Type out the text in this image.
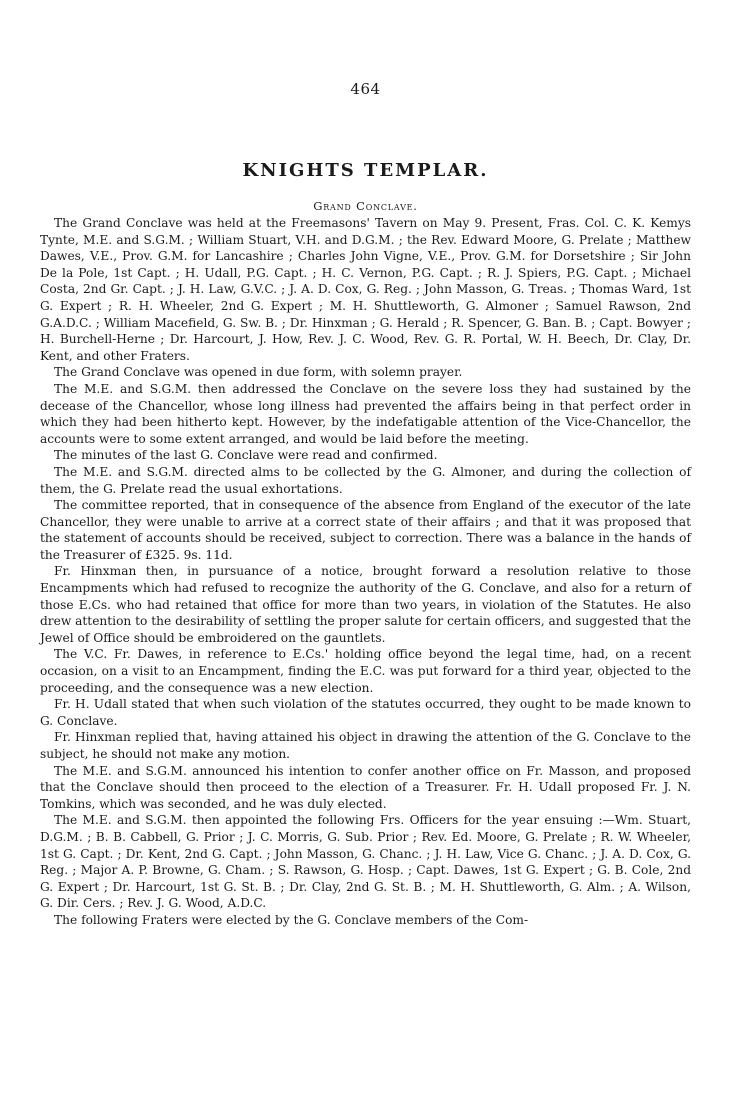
464
KNIGHTS TEMPLAR.
Grand Conclave.

The Grand Conclave was held at the Freemasons' Tavern on May 9. Present, Fras. Col. C. K. Kemys Tynte, M.E. and S.G.M. ; William Stuart, V.H. and D.G.M. ; the Rev. Edward Moore, G. Prelate ; Matthew Dawes, V.E., Prov. G.M. for Lancashire ; Charles John Vigne, V.E., Prov. G.M. for Dorsetshire ; Sir John De la Pole, 1st Capt. ; H. Udall, P.G. Capt. ; H. C. Vernon, P.G. Capt. ; R. J. Spiers, P.G. Capt. ; Michael Costa, 2nd Gr. Capt. ; J. H. Law, G.V.C. ; J. A. D. Cox, G. Reg. ; John Masson, G. Treas. ; Thomas Ward, 1st G. Expert ; R. H. Wheeler, 2nd G. Expert ; M. H. Shuttleworth, G. Almoner ; Samuel Rawson, 2nd G.A.D.C. ; William Macefield, G. Sw. B. ; Dr. Hinxman ; G. Herald ; R. Spencer, G. Ban. B. ; Capt. Bowyer ; H. Burchell-Herne ; Dr. Harcourt, J. How, Rev. J. C. Wood, Rev. G. R. Portal, W. H. Beech, Dr. Clay, Dr. Kent, and other Fraters.

The Grand Conclave was opened in due form, with solemn prayer.

The M.E. and S.G.M. then addressed the Conclave on the severe loss they had sustained by the decease of the Chancellor, whose long illness had prevented the affairs being in that perfect order in which they had been hitherto kept. However, by the indefatigable attention of the Vice-Chancellor, the accounts were to some extent arranged, and would be laid before the meeting.

The minutes of the last G. Conclave were read and confirmed.

The M.E. and S.G.M. directed alms to be collected by the G. Almoner, and during the collection of them, the G. Prelate read the usual exhortations.

The committee reported, that in consequence of the absence from England of the executor of the late Chancellor, they were unable to arrive at a correct state of their affairs ; and that it was proposed that the statement of accounts should be received, subject to correction. There was a balance in the hands of the Treasurer of £325. 9s. 11d.

Fr. Hinxman then, in pursuance of a notice, brought forward a resolution relative to those Encampments which had refused to recognize the authority of the G. Conclave, and also for a return of those E.Cs. who had retained that office for more than two years, in violation of the Statutes. He also drew attention to the desirability of settling the proper salute for certain officers, and suggested that the Jewel of Office should be embroidered on the gauntlets.

The V.C. Fr. Dawes, in reference to E.Cs.' holding office beyond the legal time, had, on a recent occasion, on a visit to an Encampment, finding the E.C. was put forward for a third year, objected to the proceeding, and the consequence was a new election.

Fr. H. Udall stated that when such violation of the statutes occurred, they ought to be made known to G. Conclave.

Fr. Hinxman replied that, having attained his object in drawing the attention of the G. Conclave to the subject, he should not make any motion.

The M.E. and S.G.M. announced his intention to confer another office on Fr. Masson, and proposed that the Conclave should then proceed to the election of a Treasurer. Fr. H. Udall proposed Fr. J. N. Tomkins, which was seconded, and he was duly elected.

The M.E. and S.G.M. then appointed the following Frs. Officers for the year ensuing :—Wm. Stuart, D.G.M. ; B. B. Cabbell, G. Prior ; J. C. Morris, G. Sub. Prior ; Rev. Ed. Moore, G. Prelate ; R. W. Wheeler, 1st G. Capt. ; Dr. Kent, 2nd G. Capt. ; John Masson, G. Chanc. ; J. H. Law, Vice G. Chanc. ; J. A. D. Cox, G. Reg. ; Major A. P. Browne, G. Cham. ; S. Rawson, G. Hosp. ; Capt. Dawes, 1st G. Expert ; G. B. Cole, 2nd G. Expert ; Dr. Harcourt, 1st G. St. B. ; Dr. Clay, 2nd G. St. B. ; M. H. Shuttleworth, G. Alm. ; A. Wilson, G. Dir. Cers. ; Rev. J. G. Wood, A.D.C.

The following Fraters were elected by the G. Conclave members of the Com-
